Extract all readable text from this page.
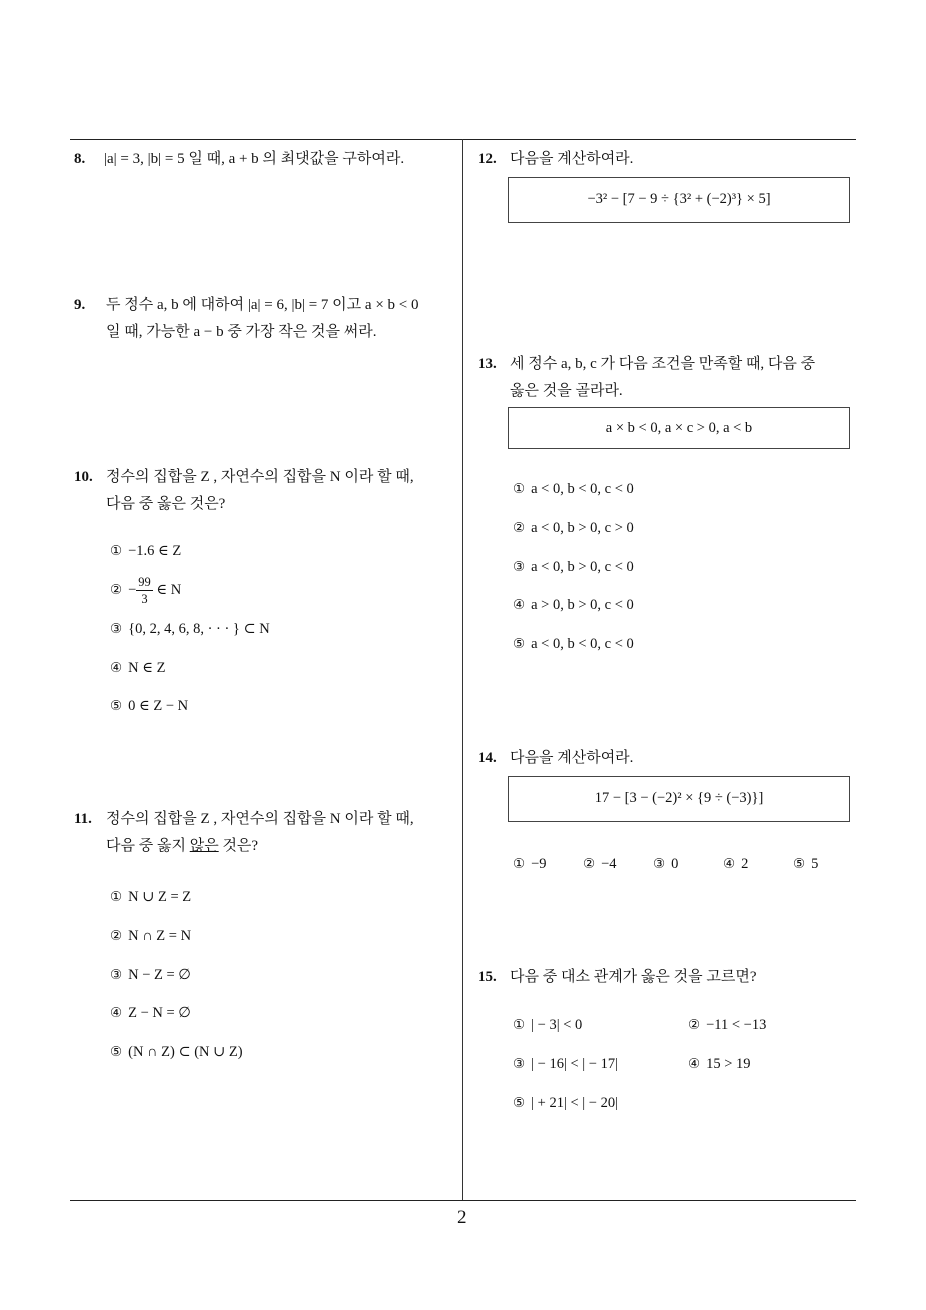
8. |a| = 3, |b| = 5 일 때, a + b 의 최댓값을 구하여라.
9. 두 정수 a, b 에 대하여 |a| = 6, |b| = 7 이고 a × b < 0
일 때, 가능한 a − b 중 가장 작은 것을 써라.
10. 정수의 집합을 Z , 자연수의 집합을 N 이라 할 때,
다음 중 옳은 것은?
① −1.6 ∈ Z
② − $\frac{99}{3}$ ∈ N
③ {0, 2, 4, 6, 8, · · · } ⊂ N
④ N ∈ Z
⑤ 0 ∈ Z − N
11. 정수의 집합을 Z , 자연수의 집합을 N 이라 할 때,
다음 중 옳지 않은 것은?
① N ∪ Z = Z
② N ∩ Z = N
③ N − Z = ∅
④ Z − N = ∅
⑤ (N ∩ Z) ⊂ (N ∪ Z)
12. 다음을 계산하여라.
−3² − [7 − 9 ÷ {3² + (−2)³} × 5]
13. 세 정수 a, b, c 가 다음 조건을 만족할 때, 다음 중
옳은 것을 골라라.
a × b < 0, a × c > 0, a < b
① a < 0, b < 0, c < 0
② a < 0, b > 0, c > 0
③ a < 0, b > 0, c < 0
④ a > 0, b > 0, c < 0
⑤ a < 0, b < 0, c < 0
14. 다음을 계산하여라.
17 − [3 − (−2)² × {9 ÷ (−3)}]
① −9	② −4	③ 0	④ 2	⑤ 5
15. 다음 중 대소 관계가 옳은 것을 고르면?
① | − 3| < 0	② −11 < −13
③ | − 16| < | − 17|	④ 15 > 19
⑤ | + 21| < | − 20|
2
